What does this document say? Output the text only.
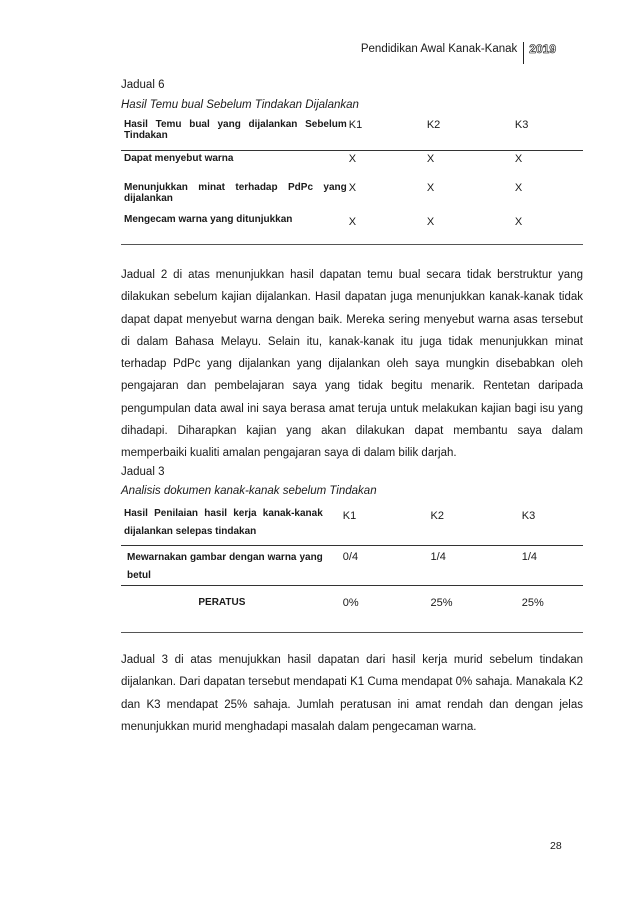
Pendidikan Awal Kanak-Kanak	2019
Jadual 6
Hasil Temu bual Sebelum Tindakan Dijalankan
Hasil Temu bual yang dijalankan Sebelum Tindakan	K1	K2	K3
Dapat menyebut warna	X	X	X
Menunjukkan minat terhadap PdPc yang dijalankan	X	X	X
Mengecam warna yang ditunjukkan	X	X	X
Jadual 2 di atas menunjukkan hasil dapatan temu bual secara tidak berstruktur yang dilakukan sebelum kajian dijalankan. Hasil dapatan juga menunjukkan kanak-kanak tidak dapat dapat menyebut warna dengan baik. Mereka sering menyebut warna asas tersebut di dalam Bahasa Melayu. Selain itu, kanak-kanak itu juga tidak menunjukkan minat terhadap PdPc yang dijalankan yang dijalankan oleh saya mungkin disebabkan oleh pengajaran dan pembelajaran saya yang tidak begitu menarik. Rentetan daripada pengumpulan data awal ini saya berasa amat teruja untuk melakukan kajian bagi isu yang dihadapi. Diharapkan kajian yang akan dilakukan dapat membantu saya dalam memperbaiki kualiti amalan pengajaran saya di dalam bilik darjah.
Jadual 3
Analisis dokumen kanak-kanak sebelum Tindakan
Hasil Penilaian hasil kerja kanak-kanak dijalankan selepas tindakan	K1	K2	K3
Mewarnakan gambar dengan warna yang betul	0/4	1/4	1/4
PERATUS	0%	25%	25%
Jadual 3 di atas menujukkan hasil dapatan dari hasil kerja murid sebelum tindakan dijalankan. Dari dapatan tersebut mendapati K1 Cuma mendapat 0% sahaja. Manakala K2 dan K3 mendapat 25% sahaja. Jumlah peratusan ini amat rendah dan dengan jelas menunjukkan murid menghadapi masalah dalam pengecaman warna.
28
